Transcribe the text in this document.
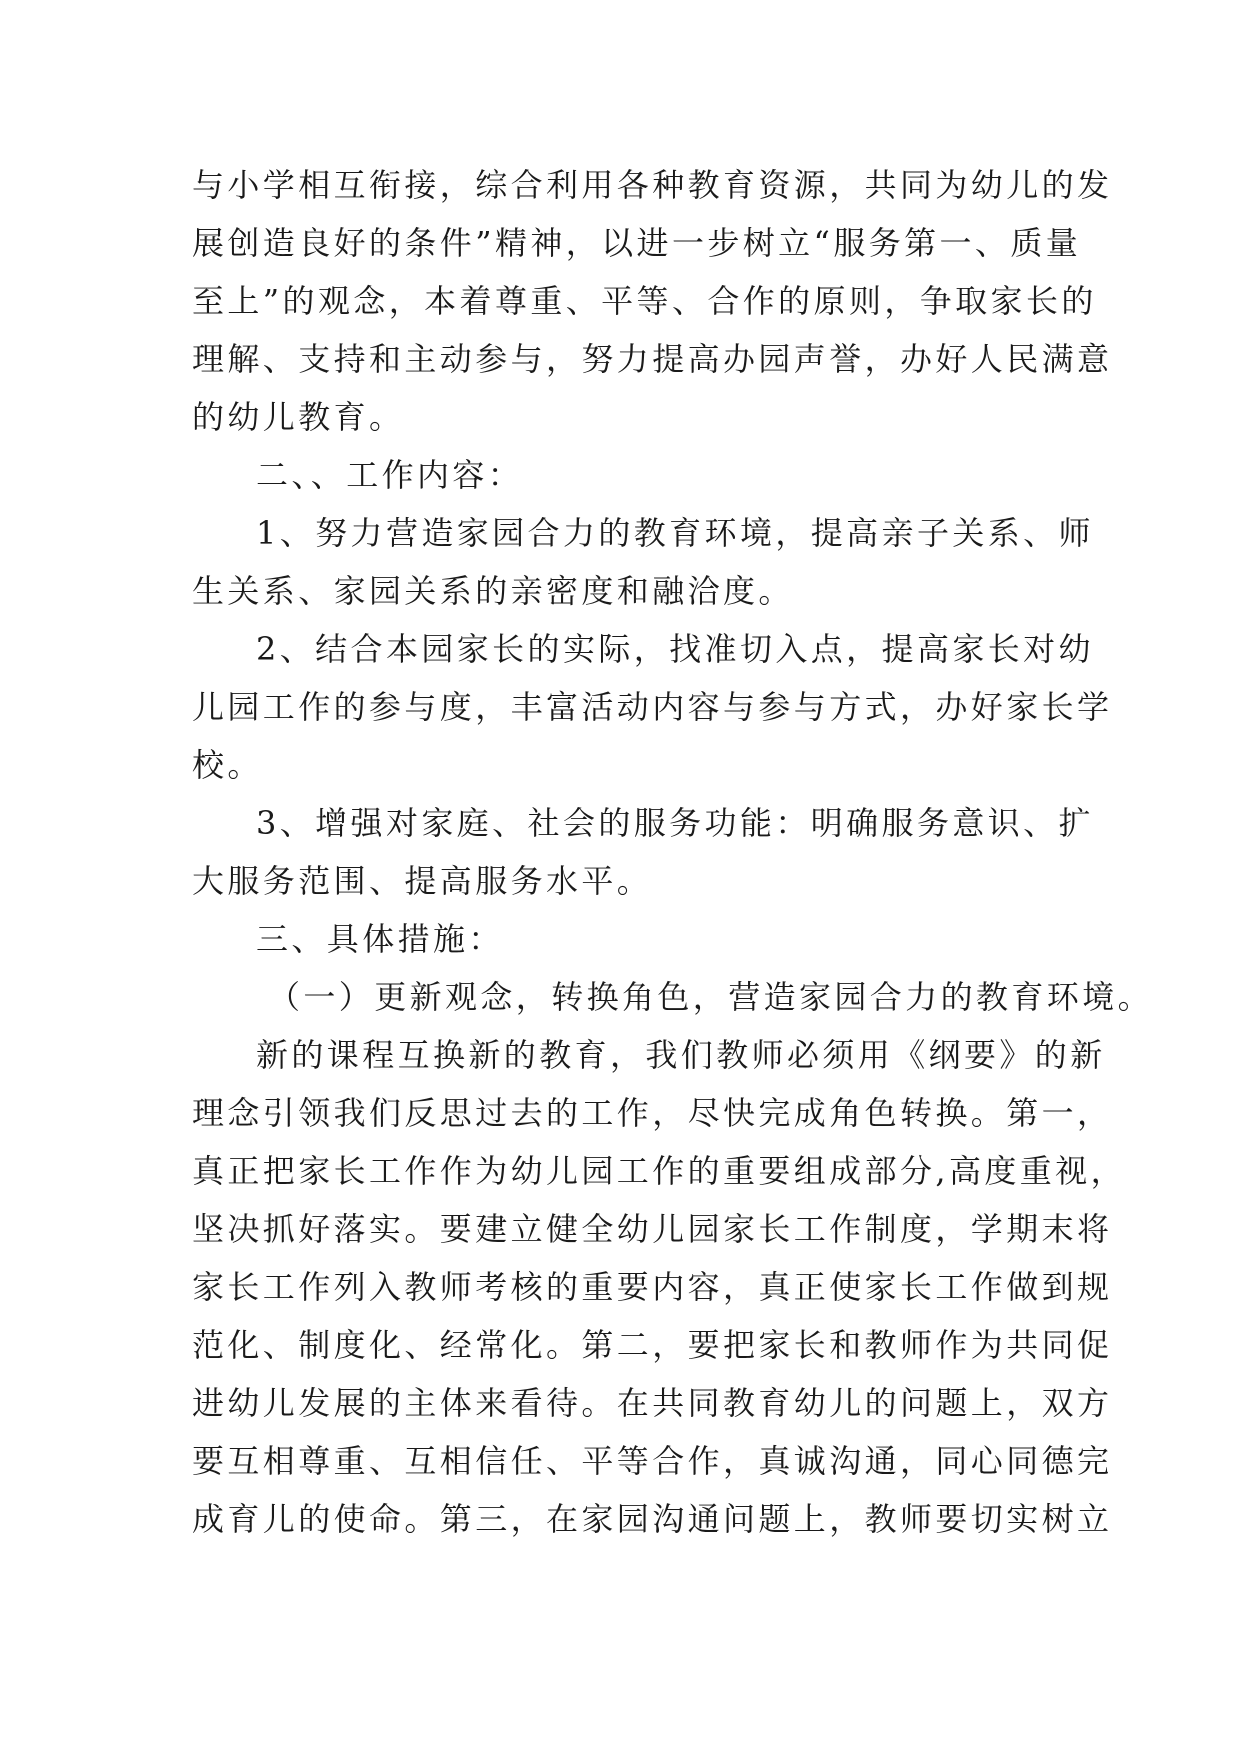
与小学相互衔接，综合利用各种教育资源，共同为幼儿的发
展创造良好的条件”精神，以进一步树立“服务第一、质量
至上”的观念，本着尊重、平等、合作的原则，争取家长的
理解、支持和主动参与，努力提高办园声誉，办好人民满意
的幼儿教育。
二、、工作内容：
1、努力营造家园合力的教育环境，提高亲子关系、师
生关系、家园关系的亲密度和融洽度。
2、结合本园家长的实际，找准切入点，提高家长对幼
儿园工作的参与度，丰富活动内容与参与方式，办好家长学
校。
3、增强对家庭、社会的服务功能：明确服务意识、扩
大服务范围、提高服务水平。
三、具体措施：
（一）更新观念，转换角色，营造家园合力的教育环境。
新的课程互换新的教育，我们教师必须用《纲要》的新
理念引领我们反思过去的工作，尽快完成角色转换。第一，
真正把家长工作作为幼儿园工作的重要组成部分,高度重视，
坚决抓好落实。要建立健全幼儿园家长工作制度，学期末将
家长工作列入教师考核的重要内容，真正使家长工作做到规
范化、制度化、经常化。第二，要把家长和教师作为共同促
进幼儿发展的主体来看待。在共同教育幼儿的问题上，双方
要互相尊重、互相信任、平等合作，真诚沟通，同心同德完
成育儿的使命。第三，在家园沟通问题上，教师要切实树立
